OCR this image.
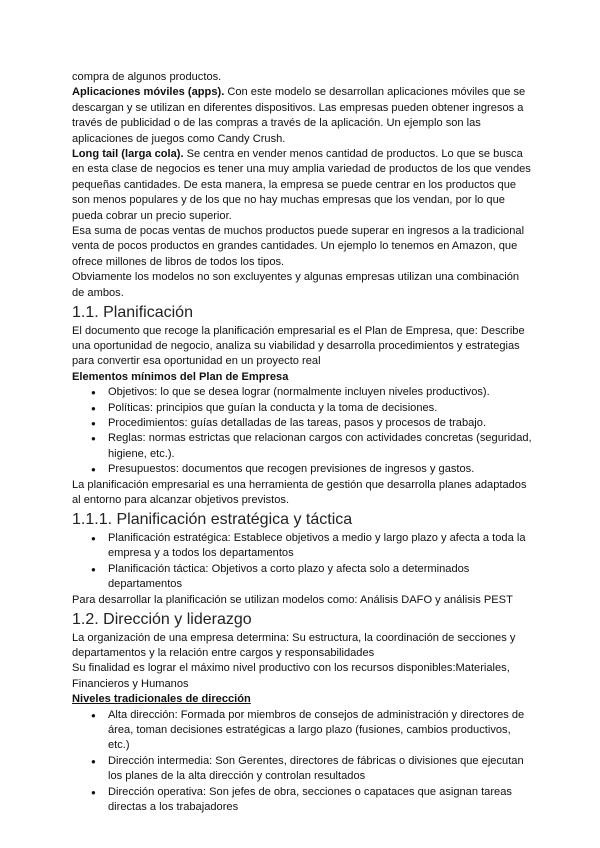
compra de algunos productos.

Aplicaciones móviles (apps). Con este modelo se desarrollan aplicaciones móviles que se descargan y se utilizan en diferentes dispositivos. Las empresas pueden obtener ingresos a través de publicidad o de las compras a través de la aplicación. Un ejemplo son las aplicaciones de juegos como Candy Crush.

Long tail (larga cola). Se centra en vender menos cantidad de productos. Lo que se busca en esta clase de negocios es tener una muy amplia variedad de productos de los que vendes pequeñas cantidades. De esta manera, la empresa se puede centrar en los productos que son menos populares y de los que no hay muchas empresas que los vendan, por lo que pueda cobrar un precio superior.

Esa suma de pocas ventas de muchos productos puede superar en ingresos a la tradicional venta de pocos productos en grandes cantidades. Un ejemplo lo tenemos en Amazon, que ofrece millones de libros de todos los tipos.

Obviamente los modelos no son excluyentes y algunas empresas utilizan una combinación de ambos.

1.1. Planificación

El documento que recoge la planificación empresarial es el Plan de Empresa, que: Describe una oportunidad de negocio, analiza su viabilidad y desarrolla procedimientos y estrategias para convertir esa oportunidad en un proyecto real

Elementos mínimos del Plan de Empresa

● Objetivos: lo que se desea lograr (normalmente incluyen niveles productivos).
● Políticas: principios que guían la conducta y la toma de decisiones.
● Procedimientos: guías detalladas de las tareas, pasos y procesos de trabajo.
● Reglas: normas estrictas que relacionan cargos con actividades concretas (seguridad, higiene, etc.).
● Presupuestos: documentos que recogen previsiones de ingresos y gastos.

La planificación empresarial es una herramienta de gestión que desarrolla planes adaptados al entorno para alcanzar objetivos previstos.

1.1.1. Planificación estratégica y táctica
● Planificación estratégica: Establece objetivos a medio y largo plazo y afecta a toda la empresa y a todos los departamentos
● Planificación táctica: Objetivos a corto plazo y afecta solo a determinados departamentos

Para desarrollar la planificación se utilizan modelos como: Análisis DAFO y análisis PEST

1.2. Dirección y liderazgo

La organización de una empresa determina: Su estructura, la coordinación de secciones y departamentos y la relación entre cargos y responsabilidades

Su finalidad es lograr el máximo nivel productivo con los recursos disponibles:Materiales, Financieros y Humanos

Niveles tradicionales de dirección

● Alta dirección: Formada por miembros de consejos de administración y directores de área, toman decisiones estratégicas a largo plazo (fusiones, cambios productivos, etc.)
● Dirección intermedia: Son Gerentes, directores de fábricas o divisiones que ejecutan los planes de la alta dirección y controlan resultados
● Dirección operativa: Son jefes de obra, secciones o capataces que asignan tareas directas a los trabajadores
